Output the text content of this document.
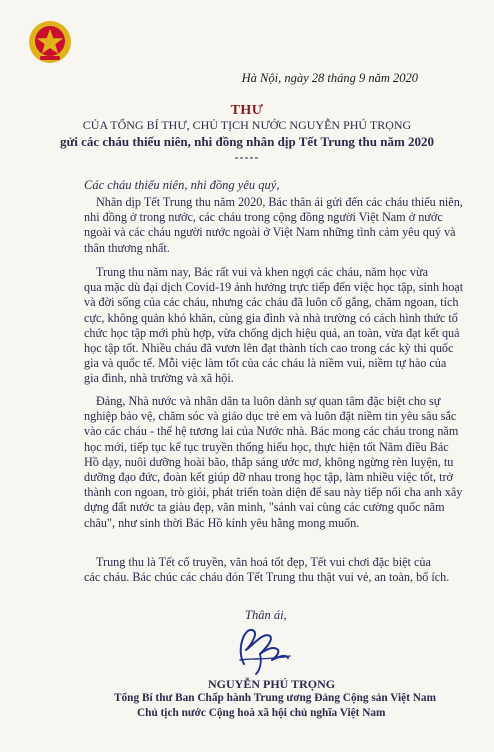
Hà Nội, ngày 28 tháng 9 năm 2020
THƯ
CỦA TỔNG BÍ THƯ, CHỦ TỊCH NƯỚC NGUYỄN PHÚ TRỌNG
gửi các cháu thiếu niên, nhi đồng nhân dịp Tết Trung thu năm 2020
-----
Các cháu thiếu niên, nhi đồng yêu quý,
Nhân dịp Tết Trung thu năm 2020, Bác thân ái gửi đến các cháu thiếu niên,
nhi đồng ở trong nước, các cháu trong cộng đồng người Việt Nam ở nước
ngoài và các cháu người nước ngoài ở Việt Nam những tình cảm yêu quý và
thân thương nhất.
Trung thu năm nay, Bác rất vui và khen ngợi các cháu, năm học vừa
qua mặc dù đại dịch Covid-19 ảnh hưởng trực tiếp đến việc học tập, sinh hoạt
và đời sống của các cháu, nhưng các cháu đã luôn cố gắng, chăm ngoan, tích
cực, không quản khó khăn, cùng gia đình và nhà trường có cách hình thức tổ
chức học tập mới phù hợp, vừa chống dịch hiệu quả, an toàn, vừa đạt kết quả
học tập tốt. Nhiều cháu đã vươn lên đạt thành tích cao trong các kỳ thi quốc
gia và quốc tế. Mỗi việc làm tốt của các cháu là niềm vui, niềm tự hào của
gia đình, nhà trường và xã hội.
Đảng, Nhà nước và nhân dân ta luôn dành sự quan tâm đặc biệt cho sự
nghiệp bảo vệ, chăm sóc và giáo dục trẻ em và luôn đặt niềm tin yêu sâu sắc
vào các cháu - thế hệ tương lai của Nước nhà. Bác mong các cháu trong năm
học mới, tiếp tục kế tục truyền thống hiếu học, thực hiện tốt Năm điều Bác
Hồ dạy, nuôi dưỡng hoài bão, thắp sáng ước mơ, không ngừng rèn luyện, tu
dưỡng đạo đức, đoàn kết giúp đỡ nhau trong học tập, làm nhiều việc tốt, trở
thành con ngoan, trò giỏi, phát triển toàn diện để sau này tiếp nối cha anh xây
dựng đất nước ta giàu đẹp, văn minh, "sánh vai cùng các cường quốc năm
châu", như sinh thời Bác Hồ kính yêu hằng mong muốn.
Trung thu là Tết cổ truyền, văn hoá tốt đẹp, Tết vui chơi đặc biệt của
các cháu. Bác chúc các cháu đón Tết Trung thu thật vui vẻ, an toàn, bổ ích.
Thân ái,
NGUYỄN PHÚ TRỌNG
Tổng Bí thư Ban Chấp hành Trung ương Đảng Cộng sản Việt Nam
Chủ tịch nước Cộng hoà xã hội chủ nghĩa Việt Nam
